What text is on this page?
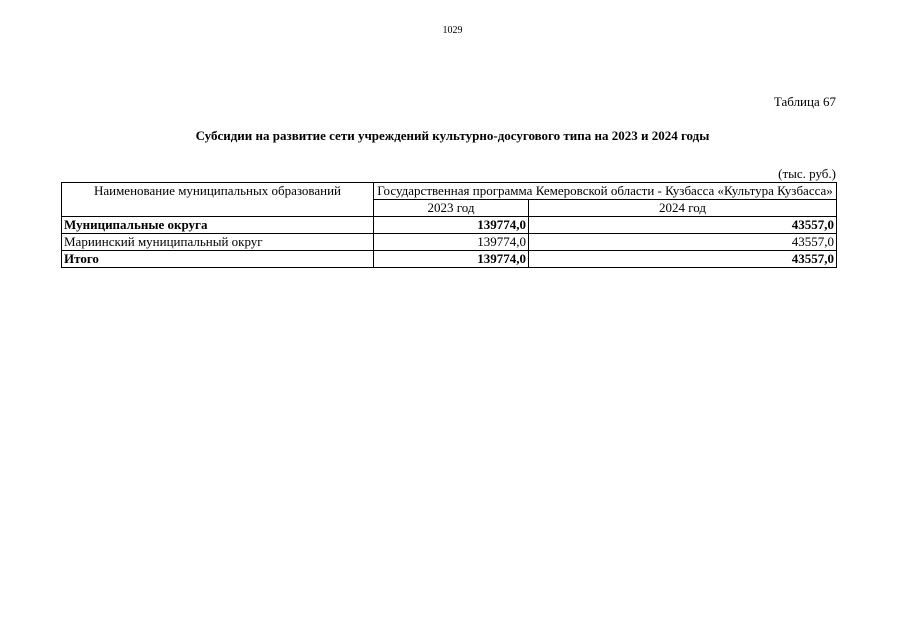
1029
Таблица 67
Субсидии на развитие сети учреждений культурно-досугового типа на 2023 и 2024 годы
(тыс. руб.)
Наименование муниципальных образований	Государственная программа Кемеровской области - Кузбасса «Культура Кузбасса»	
	2023 год	2024 год
Муниципальные округа	139774,0	43557,0
Мариинский муниципальный округ	139774,0	43557,0
Итого	139774,0	43557,0
